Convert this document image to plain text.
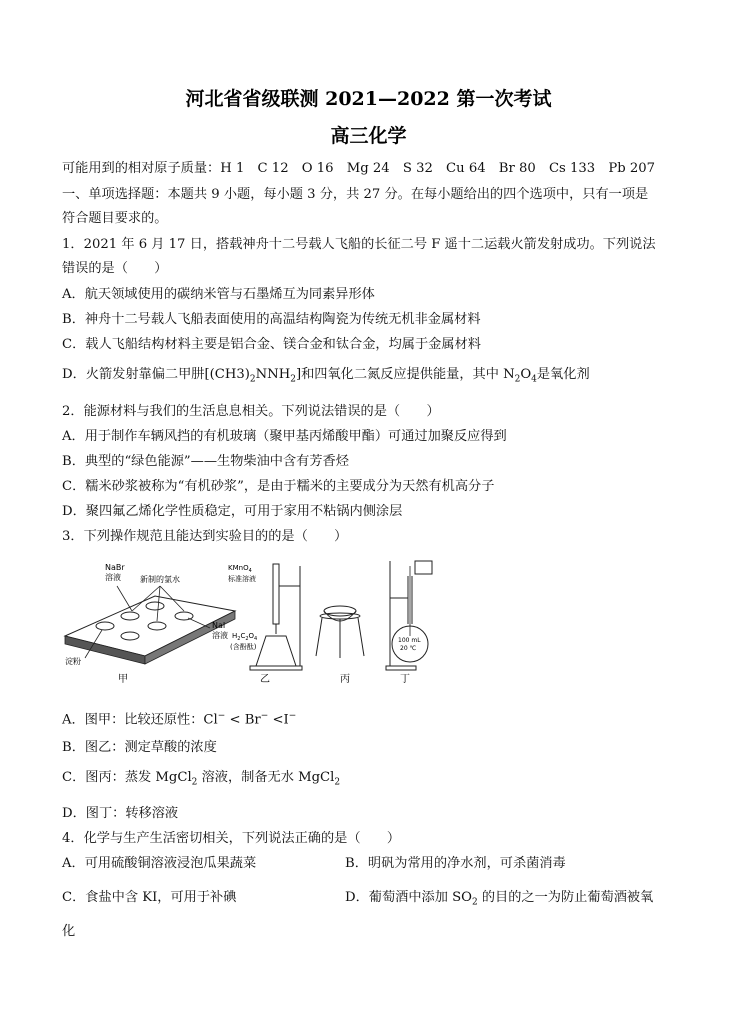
河北省省级联测 2021—2022 第一次考试
高三化学
可能用到的相对原子质量：H 1　C 12　O 16　Mg 24　S 32　Cu 64　Br 80　Cs 133　Pb 207
一、单项选择题：本题共 9 小题，每小题 3 分，共 27 分。在每小题给出的四个选项中，只有一项是
符合题目要求的。
1．2021 年 6 月 17 日，搭载神舟十二号载人飞船的长征二号 F 遥十二运载火箭发射成功。下列说法
错误的是（　　）
A．航天领域使用的碳纳米管与石墨烯互为同素异形体
B．神舟十二号载人飞船表面使用的高温结构陶瓷为传统无机非金属材料
C．载人飞船结构材料主要是铝合金、镁合金和钛合金，均属于金属材料
D．火箭发射靠偏二甲肼$[(CH3)_2NNH_2]$和四氧化二氮反应提供能量，其中 $N_2O_4$是氧化剂
2．能源材料与我们的生活息息相关。下列说法错误的是（　　）
A．用于制作车辆风挡的有机玻璃（聚甲基丙烯酸甲酯）可通过加聚反应得到
B．典型的“绿色能源”——生物柴油中含有芳香烃
C．糯米砂浆被称为“有机砂浆”，是由于糯米的主要成分为天然有机高分子
D．聚四氟乙烯化学性质稳定，可用于家用不粘锅内侧涂层
3．下列操作规范且能达到实验目的的是（　　）
NaBr
溶液 新制的氯水
NaI
溶液
淀粉
KMnO$_4$
标准溶液
$H_2C_2O_4$
(含酚酞)
100 mL
20 ℃
甲	乙	丙	丁
A．图甲：比较还原性：Cl− < Br− <I−
B．图乙：测定草酸的浓度
C．图丙：蒸发 MgCl$_2$ 溶液，制备无水 MgCl$_2$
D．图丁：转移溶液
4．化学与生产生活密切相关，下列说法正确的是（　　）
A．可用硫酸铜溶液浸泡瓜果蔬菜	B．明矾为常用的净水剂，可杀菌消毒
C．食盐中含 KI，可用于补碘	D．葡萄酒中添加 $SO_2$ 的目的之一为防止葡萄酒被氧
化
